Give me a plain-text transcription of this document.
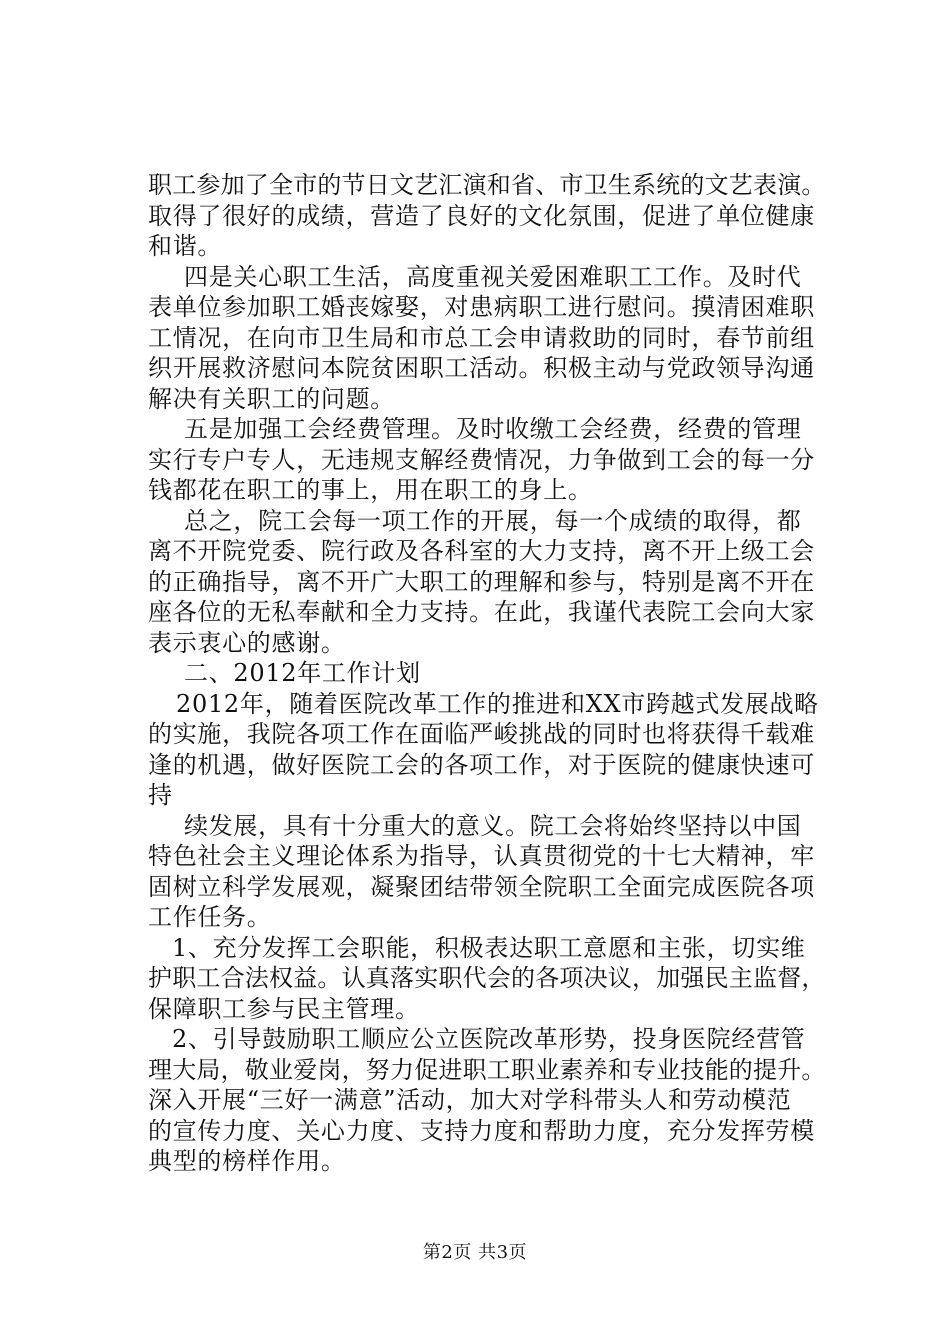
职工参加了全市的节日文艺汇演和省、市卫生系统的文艺表演。
取得了很好的成绩，营造了良好的文化氛围，促进了单位健康
和谐。
四是关心职工生活，高度重视关爱困难职工工作。及时代
表单位参加职工婚丧嫁娶，对患病职工进行慰问。摸清困难职
工情况，在向市卫生局和市总工会申请救助的同时，春节前组
织开展救济慰问本院贫困职工活动。积极主动与党政领导沟通
解决有关职工的问题。
五是加强工会经费管理。及时收缴工会经费，经费的管理
实行专户专人，无违规支解经费情况，力争做到工会的每一分
钱都花在职工的事上，用在职工的身上。
总之，院工会每一项工作的开展，每一个成绩的取得，都
离不开院党委、院行政及各科室的大力支持，离不开上级工会
的正确指导，离不开广大职工的理解和参与，特别是离不开在
座各位的无私奉献和全力支持。在此，我谨代表院工会向大家
表示衷心的感谢。
二、2012年工作计划
2012年，随着医院改革工作的推进和XX市跨越式发展战略
的实施，我院各项工作在面临严峻挑战的同时也将获得千载难
逢的机遇，做好医院工会的各项工作，对于医院的健康快速可
持
续发展，具有十分重大的意义。院工会将始终坚持以中国
特色社会主义理论体系为指导，认真贯彻党的十七大精神，牢
固树立科学发展观，凝聚团结带领全院职工全面完成医院各项
工作任务。
1、充分发挥工会职能，积极表达职工意愿和主张，切实维
护职工合法权益。认真落实职代会的各项决议，加强民主监督，
保障职工参与民主管理。
2、引导鼓励职工顺应公立医院改革形势，投身医院经营管
理大局，敬业爱岗，努力促进职工职业素养和专业技能的提升。
深入开展“三好一满意”活动，加大对学科带头人和劳动模范
的宣传力度、关心力度、支持力度和帮助力度，充分发挥劳模
典型的榜样作用。
第2页 共3页
